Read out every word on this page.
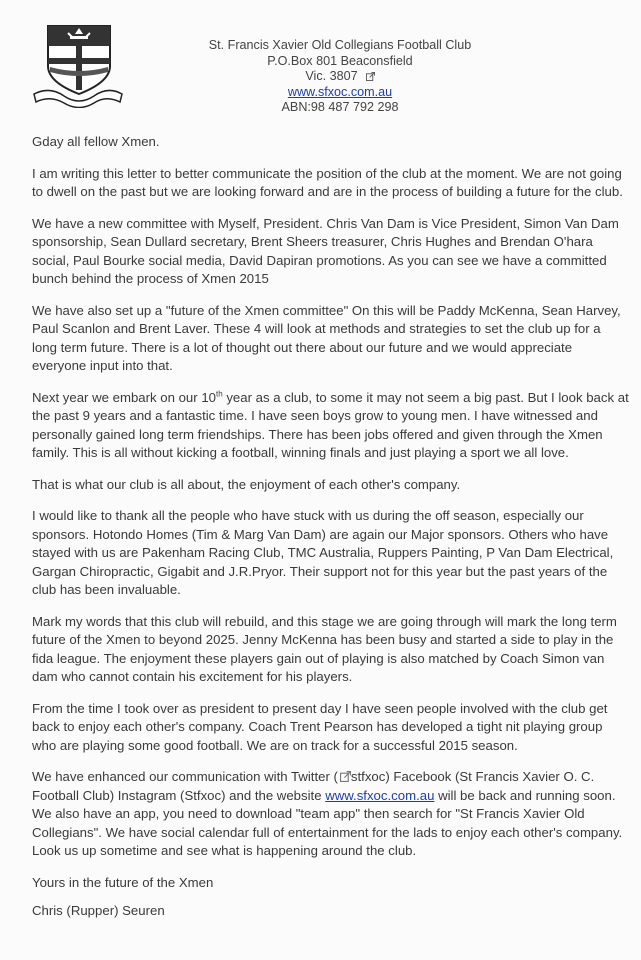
St. Francis Xavier Old Collegians Football Club
P.O.Box 801 Beaconsfield
Vic. 3807
www.sfxoc.com.au
ABN:98 487 792 298

Gday all fellow Xmen.

I am writing this letter to better communicate the position of the club at the moment. We are not going to dwell on the past but we are looking forward and are in the process of building a future for the club.

We have a new committee with Myself, President. Chris Van Dam is Vice President, Simon Van Dam sponsorship, Sean Dullard secretary, Brent Sheers treasurer, Chris Hughes and Brendan O'hara social, Paul Bourke social media, David Dapiran promotions. As you can see we have a committed bunch behind the process of Xmen 2015

We have also set up a "future of the Xmen committee" On this will be Paddy McKenna, Sean Harvey, Paul Scanlon and Brent Laver. These 4 will look at methods and strategies to set the club up for a long term future. There is a lot of thought out there about our future and we would appreciate everyone input into that.

Next year we embark on our 10th year as a club, to some it may not seem a big past. But I look back at the past 9 years and a fantastic time. I have seen boys grow to young men. I have witnessed and personally gained long term friendships. There has been jobs offered and given through the Xmen family. This is all without kicking a football, winning finals and just playing a sport we all love.

That is what our club is all about, the enjoyment of each other's company.

I would like to thank all the people who have stuck with us during the off season, especially our sponsors. Hotondo Homes (Tim & Marg Van Dam) are again our Major sponsors. Others who have stayed with us are Pakenham Racing Club, TMC Australia, Ruppers Painting, P Van Dam Electrical, Gargan Chiropractic, Gigabit and J.R.Pryor. Their support not for this year but the past years of the club has been invaluable.

Mark my words that this club will rebuild, and this stage we are going through will mark the long term future of the Xmen to beyond 2025. Jenny McKenna has been busy and started a side to play in the fida league. The enjoyment these players gain out of playing is also matched by Coach Simon van dam who cannot contain his excitement for his players.

From the time I took over as president to present day I have seen people involved with the club get back to enjoy each other's company. Coach Trent Pearson has developed a tight nit playing group who are playing some good football. We are on track for a successful 2015 season.

We have enhanced our communication with Twitter ( stfxoc) Facebook (St Francis Xavier O. C. Football Club) Instagram (Stfxoc) and the website www.sfxoc.com.au will be back and running soon. We also have an app, you need to download "team app" then search for "St Francis Xavier Old Collegians". We have social calendar full of entertainment for the lads to enjoy each other's company. Look us up sometime and see what is happening around the club.

Yours in the future of the Xmen

Chris (Rupper) Seuren
